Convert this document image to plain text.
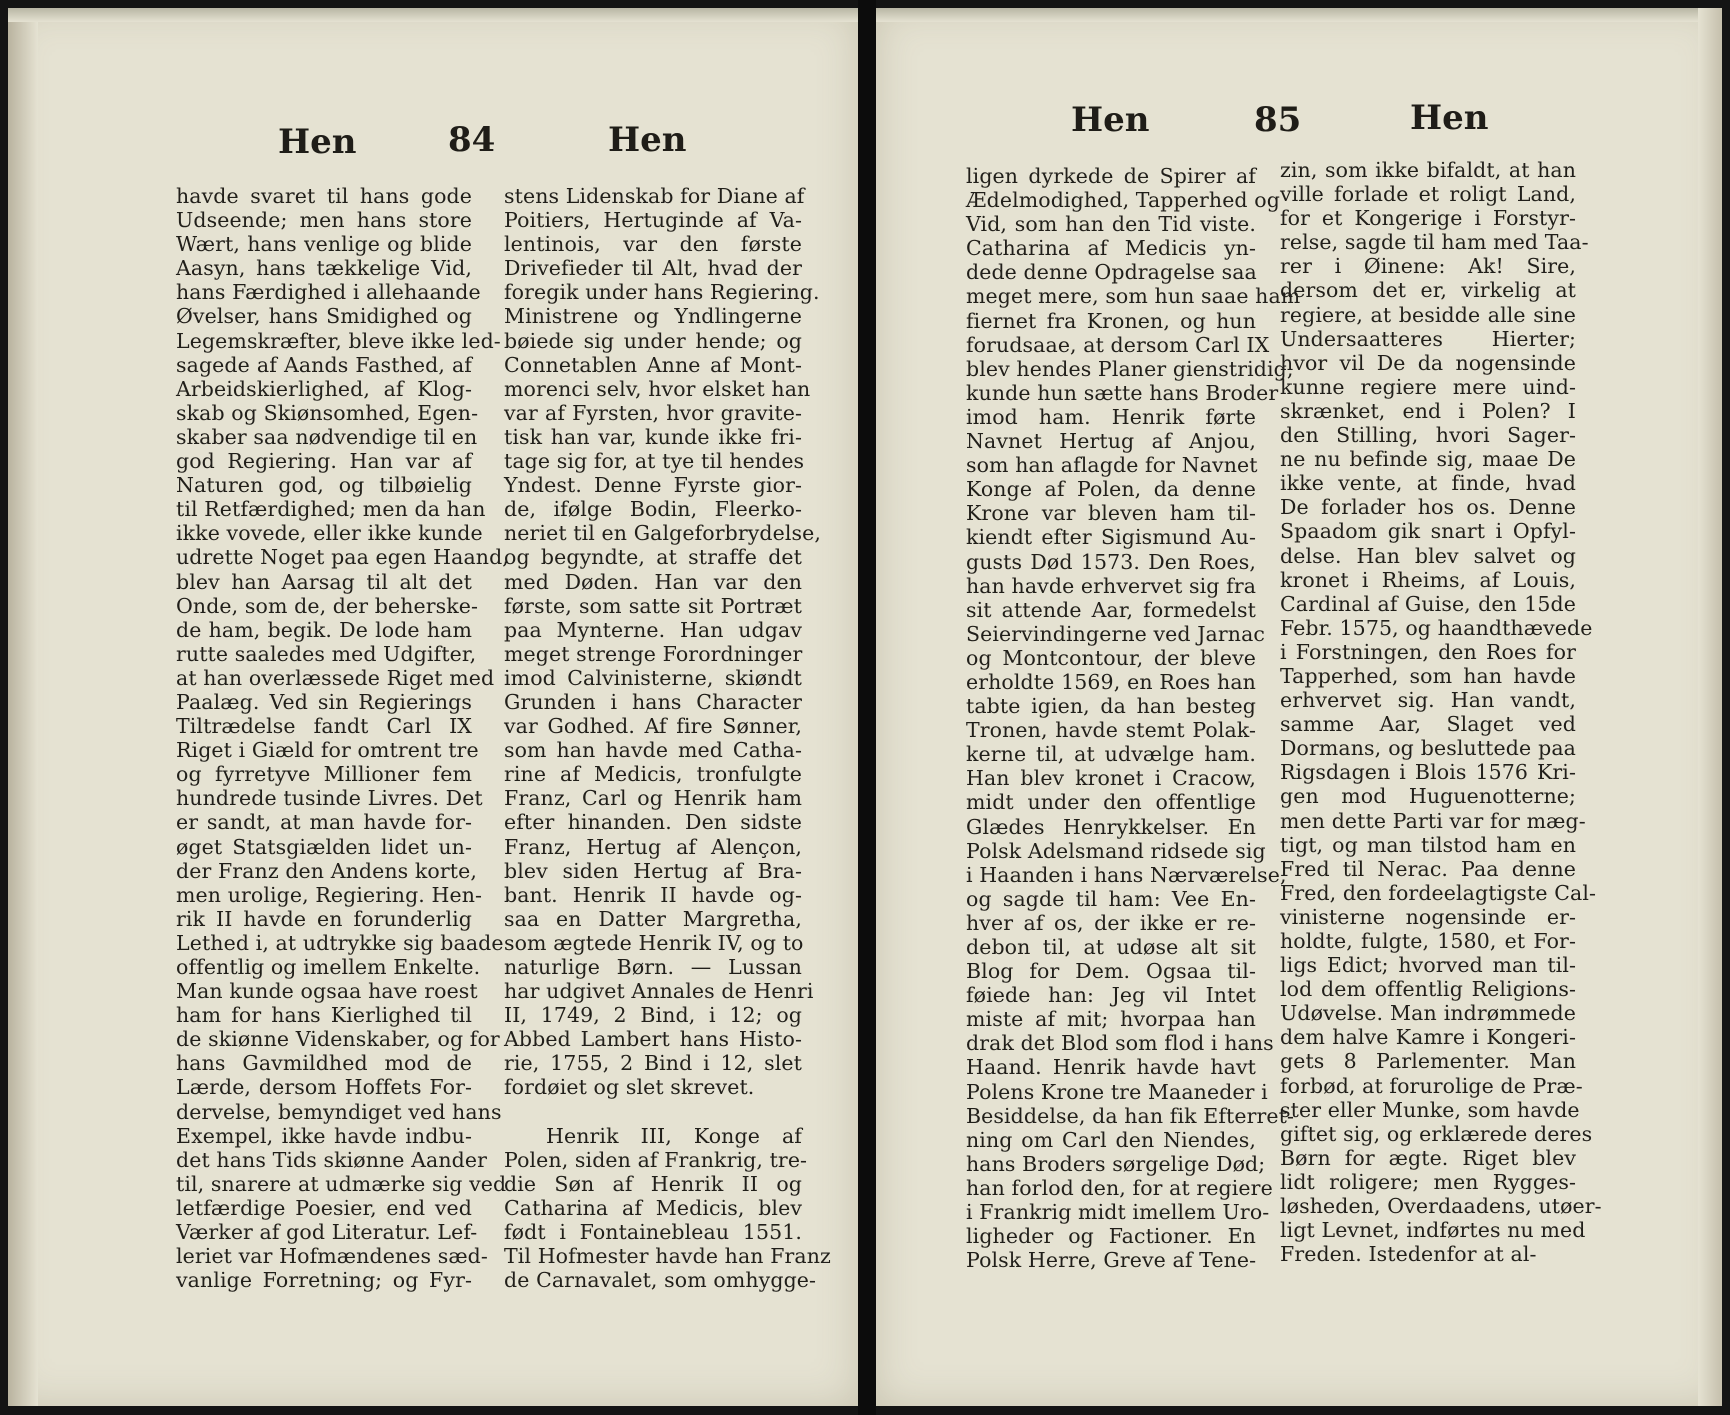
Hen	84	Hen
havde svaret til hans gode
Udseende; men hans store
Wært, hans venlige og blide
Aasyn, hans tækkelige Vid,
hans Færdighed i allehaande
Øvelser, hans Smidighed og
Legemskræfter, bleve ikke led-
sagede af Aands Fasthed, af
Arbeidskierlighed, af Klog-
skab og Skiønsomhed, Egen-
skaber saa nødvendige til en
god Regiering. Han var af
Naturen god, og tilbøielig
til Retfærdighed; men da han
ikke vovede, eller ikke kunde
udrette Noget paa egen Haand,
blev han Aarsag til alt det
Onde, som de, der beherske-
de ham, begik. De lode ham
rutte saaledes med Udgifter,
at han overlæssede Riget med
Paalæg. Ved sin Regierings
Tiltrædelse fandt Carl IX
Riget i Giæld for omtrent tre
og fyrretyve Millioner fem
hundrede tusinde Livres. Det
er sandt, at man havde for-
øget Statsgiælden lidet un-
der Franz den Andens korte,
men urolige, Regiering. Hen-
rik II havde en forunderlig
Lethed i, at udtrykke sig baade
offentlig og imellem Enkelte.
Man kunde ogsaa have roest
ham for hans Kierlighed til
de skiønne Videnskaber, og for
hans Gavmildhed mod de
Lærde, dersom Hoffets For-
dervelse, bemyndiget ved hans
Exempel, ikke havde indbu-
det hans Tids skiønne Aander
til, snarere at udmærke sig ved
letfærdige Poesier, end ved
Værker af god Literatur. Lef-
leriet var Hofmændenes sæd-
vanlige Forretning; og Fyr-
stens Lidenskab for Diane af
Poitiers, Hertuginde af Va-
lentinois, var den første
Drivefieder til Alt, hvad der
foregik under hans Regiering.
Ministrene og Yndlingerne
bøiede sig under hende; og
Connetablen Anne af Mont-
morenci selv, hvor elsket han
var af Fyrsten, hvor gravite-
tisk han var, kunde ikke fri-
tage sig for, at tye til hendes
Yndest. Denne Fyrste gior-
de, ifølge Bodin, Fleerko-
neriet til en Galgeforbrydelse,
og begyndte, at straffe det
med Døden. Han var den
første, som satte sit Portræt
paa Mynterne. Han udgav
meget strenge Forordninger
imod Calvinisterne, skiøndt
Grunden i hans Character
var Godhed. Af fire Sønner,
som han havde med Catha-
rine af Medicis, tronfulgte
Franz, Carl og Henrik ham
efter hinanden. Den sidste
Franz, Hertug af Alençon,
blev siden Hertug af Bra-
bant. Henrik II havde og-
saa en Datter Margretha,
som ægtede Henrik IV, og to
naturlige Børn. — Lussan
har udgivet Annales de Henri
II, 1749, 2 Bind, i 12; og
Abbed Lambert hans Histo-
rie, 1755, 2 Bind i 12, slet
fordøiet og slet skrevet.
Henrik III, Konge af
Polen, siden af Frankrig, tre-
die Søn af Henrik II og
Catharina af Medicis, blev
født i Fontainebleau 1551.
Til Hofmester havde han Franz
de Carnavalet, som omhygge-
Hen	85	Hen
ligen dyrkede de Spirer af
Ædelmodighed, Tapperhed og
Vid, som han den Tid viste.
Catharina af Medicis yn-
dede denne Opdragelse saa
meget mere, som hun saae ham
fiernet fra Kronen, og hun
forudsaae, at dersom Carl IX
blev hendes Planer gienstridig,
kunde hun sætte hans Broder
imod ham. Henrik førte
Navnet Hertug af Anjou,
som han aflagde for Navnet
Konge af Polen, da denne
Krone var bleven ham til-
kiendt efter Sigismund Au-
gusts Død 1573. Den Roes,
han havde erhvervet sig fra
sit attende Aar, formedelst
Seiervindingerne ved Jarnac
og Montcontour, der bleve
erholdte 1569, en Roes han
tabte igien, da han besteg
Tronen, havde stemt Polak-
kerne til, at udvælge ham.
Han blev kronet i Cracow,
midt under den offentlige
Glædes Henrykkelser. En
Polsk Adelsmand ridsede sig
i Haanden i hans Nærværelse,
og sagde til ham: Vee En-
hver af os, der ikke er re-
debon til, at udøse alt sit
Blog for Dem. Ogsaa til-
føiede han: Jeg vil Intet
miste af mit; hvorpaa han
drak det Blod som flod i hans
Haand. Henrik havde havt
Polens Krone tre Maaneder i
Besiddelse, da han fik Efterret-
ning om Carl den Niendes,
hans Broders sørgelige Død;
han forlod den, for at regiere
i Frankrig midt imellem Uro-
ligheder og Factioner. En
Polsk Herre, Greve af Tene-
zin, som ikke bifaldt, at han
ville forlade et roligt Land,
for et Kongerige i Forstyr-
relse, sagde til ham med Taa-
rer i Øinene: Ak! Sire,
dersom det er, virkelig at
regiere, at besidde alle sine
Undersaatteres Hierter;
hvor vil De da nogensinde
kunne regiere mere uind-
skrænket, end i Polen? I
den Stilling, hvori Sager-
ne nu befinde sig, maae De
ikke vente, at finde, hvad
De forlader hos os. Denne
Spaadom gik snart i Opfyl-
delse. Han blev salvet og
kronet i Rheims, af Louis,
Cardinal af Guise, den 15de
Febr. 1575, og haandthævede
i Forstningen, den Roes for
Tapperhed, som han havde
erhvervet sig. Han vandt,
samme Aar, Slaget ved
Dormans, og besluttede paa
Rigsdagen i Blois 1576 Kri-
gen mod Huguenotterne;
men dette Parti var for mæg-
tigt, og man tilstod ham en
Fred til Nerac. Paa denne
Fred, den fordeelagtigste Cal-
vinisterne nogensinde er-
holdte, fulgte, 1580, et For-
ligs Edict; hvorved man til-
lod dem offentlig Religions-
Udøvelse. Man indrømmede
dem halve Kamre i Kongeri-
gets 8 Parlementer. Man
forbød, at forurolige de Præ-
ster eller Munke, som havde
giftet sig, og erklærede deres
Børn for ægte. Riget blev
lidt roligere; men Rygges-
løsheden, Overdaadens, utøer-
ligt Levnet, indførtes nu med
Freden. Istedenfor at al-
